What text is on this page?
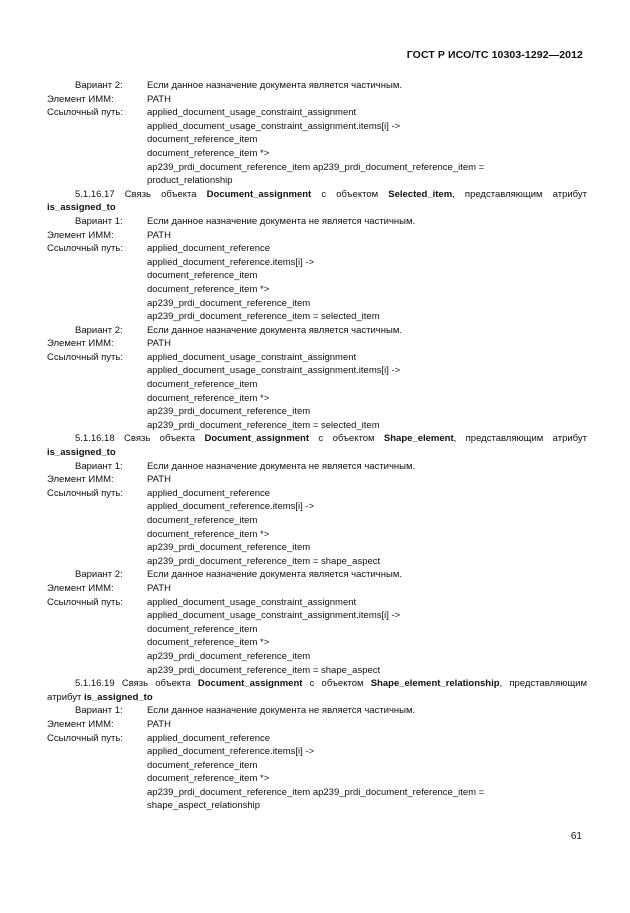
ГОСТ Р ИСО/ТС 10303-1292—2012
Вариант 2:	Если данное назначение документа является частичным.
Элемент ИММ:	PATH
Ссылочный путь:	applied_document_usage_constraint_assignment
applied_document_usage_constraint_assignment.items[i] ->
document_reference_item
document_reference_item *>
ap239_prdi_document_reference_item ap239_prdi_document_reference_item =
product_relationship
5.1.16.17 Связь объекта Document_assignment с объектом Selected_item, представляющим атрибут is_assigned_to
Вариант 1:	Если данное назначение документа не является частичным.
Элемент ИММ:	PATH
Ссылочный путь:	applied_document_reference
applied_document_reference.items[i] ->
document_reference_item
document_reference_item *>
ap239_prdi_document_reference_item
ap239_prdi_document_reference_item = selected_item
Вариант 2:	Если данное назначение документа является частичным.
Элемент ИММ:	PATH
Ссылочный путь:	applied_document_usage_constraint_assignment
applied_document_usage_constraint_assignment.items[i] ->
document_reference_item
document_reference_item *>
ap239_prdi_document_reference_item
ap239_prdi_document_reference_item = selected_item
5.1.16.18 Связь объекта Document_assignment с объектом Shape_element, представляющим атрибут is_assigned_to
Вариант 1:	Если данное назначение документа не является частичным.
Элемент ИММ:	PATH
Ссылочный путь:	applied_document_reference
applied_document_reference.items[i] ->
document_reference_item
document_reference_item *>
ap239_prdi_document_reference_item
ap239_prdi_document_reference_item = shape_aspect
Вариант 2:	Если данное назначение документа является частичным.
Элемент ИММ:	PATH
Ссылочный путь:	applied_document_usage_constraint_assignment
applied_document_usage_constraint_assignment.items[i] ->
document_reference_item
document_reference_item *>
ap239_prdi_document_reference_item
ap239_prdi_document_reference_item = shape_aspect
5.1.16.19 Связь объекта Document_assignment с объектом Shape_element_relationship, представляющим атрибут is_assigned_to
Вариант 1:	Если данное назначение документа не является частичным.
Элемент ИММ:	PATH
Ссылочный путь:	applied_document_reference
applied_document_reference.items[i] ->
document_reference_item
document_reference_item *>
ap239_prdi_document_reference_item ap239_prdi_document_reference_item =
shape_aspect_relationship
61
